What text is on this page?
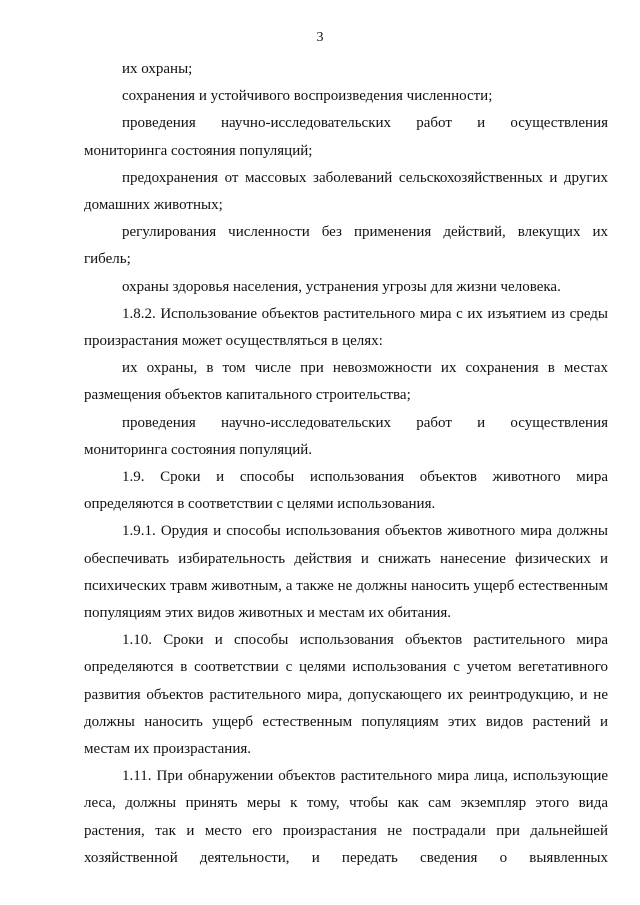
3

их охраны;

сохранения и устойчивого воспроизведения численности;

проведения научно-исследовательских работ и осуществления мониторинга состояния популяций;

предохранения от массовых заболеваний сельскохозяйственных и других домашних животных;

регулирования численности без применения действий, влекущих их гибель;

охраны здоровья населения, устранения угрозы для жизни человека.

1.8.2. Использование объектов растительного мира с их изъятием из среды произрастания может осуществляться в целях:

их охраны, в том числе при невозможности их сохранения в местах размещения объектов капитального строительства;

проведения научно-исследовательских работ и осуществления мониторинга состояния популяций.

1.9. Сроки и способы использования объектов животного мира определяются в соответствии с целями использования.

1.9.1. Орудия и способы использования объектов животного мира должны обеспечивать избирательность действия и снижать нанесение физических и психических травм животным, а также не должны наносить ущерб естественным популяциям этих видов животных и местам их обитания.

1.10. Сроки и способы использования объектов растительного мира определяются в соответствии с целями использования с учетом вегетативного развития объектов растительного мира, допускающего их реинтродукцию, и не должны наносить ущерб естественным популяциям этих видов растений и местам их произрастания.

1.11. При обнаружении объектов растительного мира лица, использующие леса, должны принять меры к тому, чтобы как сам экземпляр этого вида растения, так и место его произрастания не пострадали при дальнейшей хозяйственной деятельности, и передать сведения о выявленных
